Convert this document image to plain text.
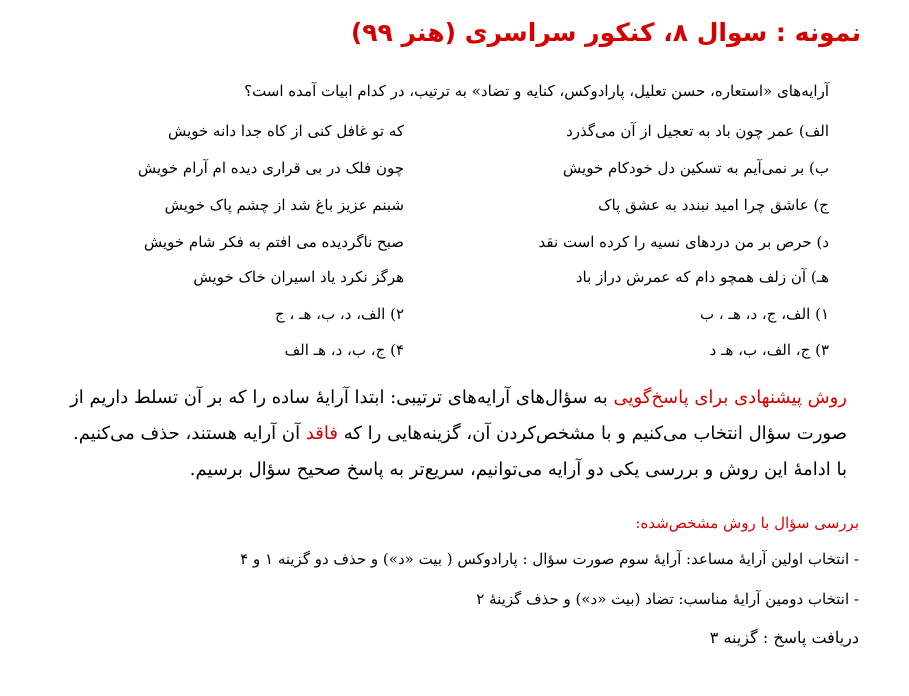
نمونه : سوال ۸، کنکور سراسری (هنر ۹۹)
آرایه‌های «استعاره، حسن تعلیل، پارادوکس، کنایه و تضاد» به ترتیب، در کدام ابیات آمده است؟
الف) عمر چون باد به تعجیل از آن می‌گذرد
که تو غافل کنی از کاه جدا دانه خویش
ب) بر نمی‌آیم به تسکین دل خودکام خویش
چون فلک در بی قراری دیده ام آرام خویش
ج) عاشق چرا امید نبندد به عشق پاک
شبنم عزیز باغ شد از چشم پاک خویش
د) حرص بر من دردهای نسیه را کرده است نقد
صبح ناگردیده می افتم به فکر شام خویش
هـ) آن زلف همچو دام که عمرش دراز باد
هرگز نکرد یاد اسیران خاک خویش
۱) الف، ج، د، هـ ، ب
۲) الف، د، ب، هـ ، ج
۳) ج، الف، ب، هـ د
۴) ج، ب، د، هـ الف
روش پیشنهادی برای پاسخ‌گویی به سؤال‌های آرایه‌های ترتیبی: ابتدا آرایهٔ ساده را که بر آن تسلط داریم از
صورت سؤال انتخاب می‌کنیم و با مشخص‌کردن آن، گزینه‌هایی را که فاقد آن آرایه هستند، حذف می‌کنیم.
با ادامهٔ این روش و بررسی یکی دو آرایه می‌توانیم، سریع‌تر به پاسخ صحیح سؤال برسیم.
بررسی سؤال با روش مشخص‌شده:
- انتخاب اولین آرایهٔ مساعد: آرایهٔ سوم صورت سؤال : پارادوکس ( بیت «د») و حذف دو گزینه ۱ و ۴
- انتخاب دومین آرایهٔ مناسب: تضاد (بیت «د») و حذف گزینهٔ ۲
دریافت پاسخ : گزینه ۳
